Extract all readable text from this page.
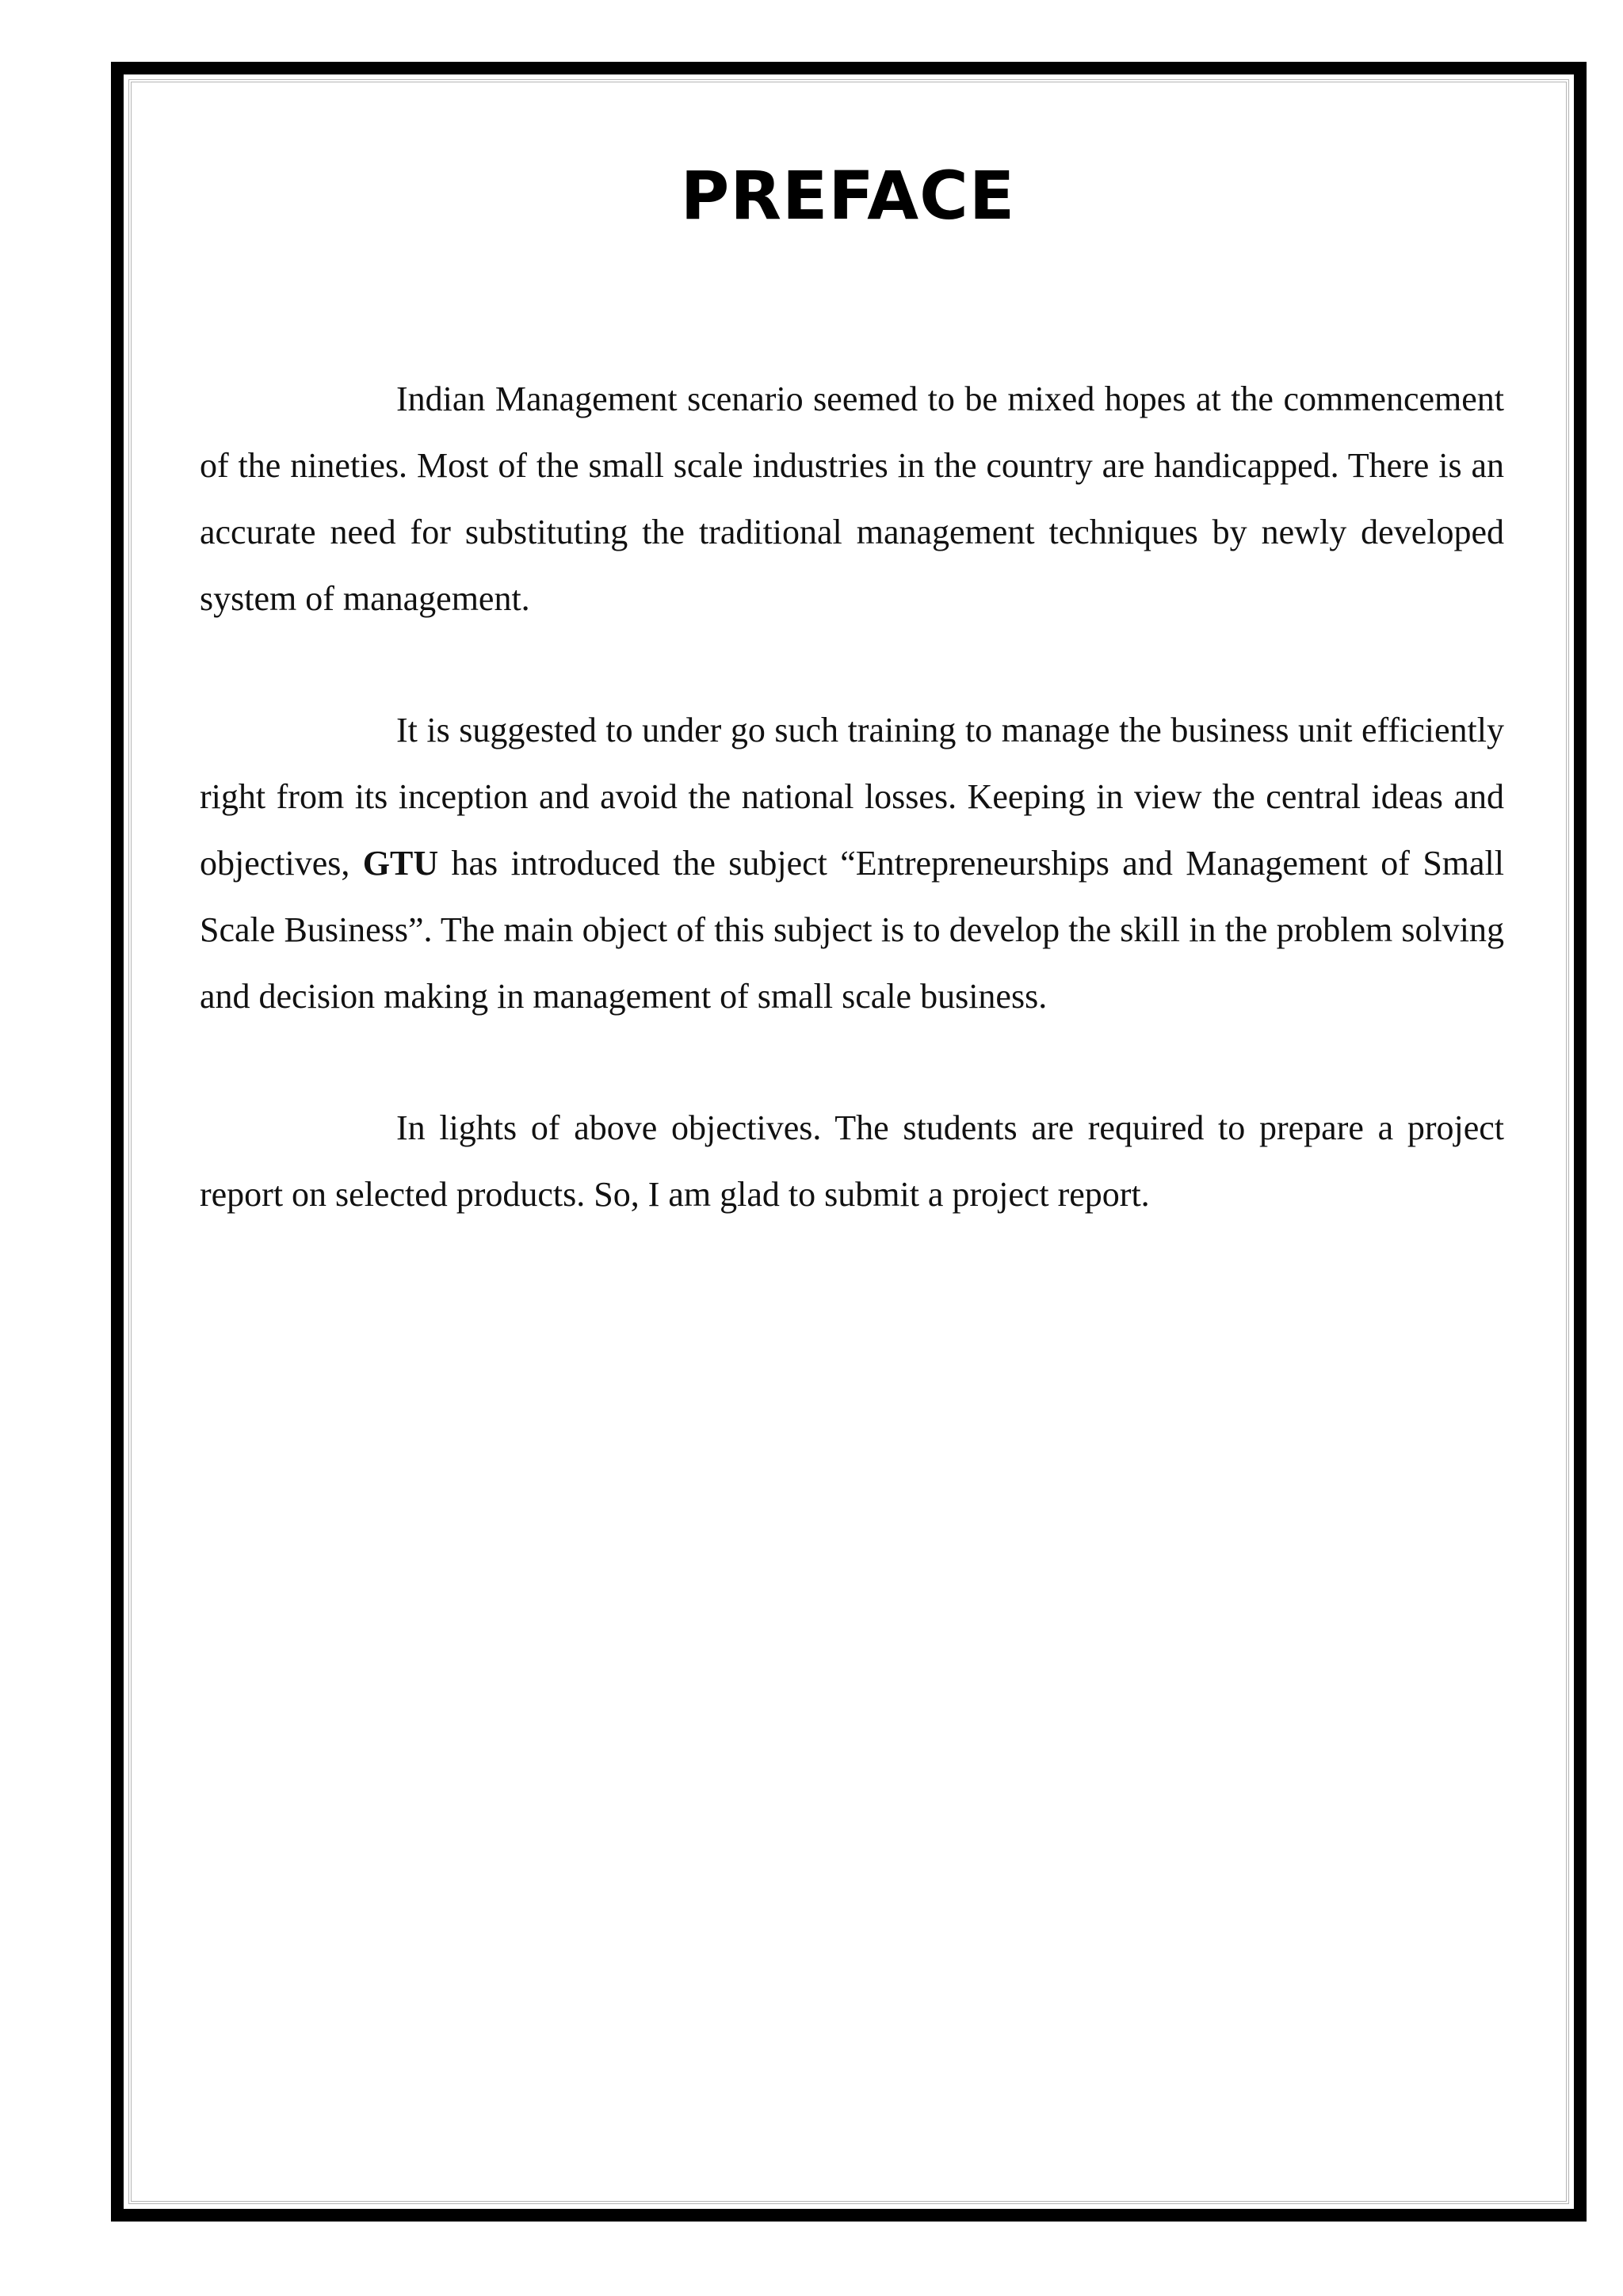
PREFACE

Indian Management scenario seemed to be mixed hopes at the commencement of the nineties. Most of the small scale industries in the country are handicapped. There is an accurate need for substituting the traditional management techniques by newly developed system of management.

It is suggested to under go such training to manage the business unit efficiently right from its inception and avoid the national losses. Keeping in view the central ideas and objectives, GTU has introduced the subject “Entrepreneurships and Management of Small Scale Business”. The main object of this subject is to develop the skill in the problem solving and decision making in management of small scale business.

In lights of above objectives. The students are required to prepare a project report on selected products. So, I am glad to submit a project report.
